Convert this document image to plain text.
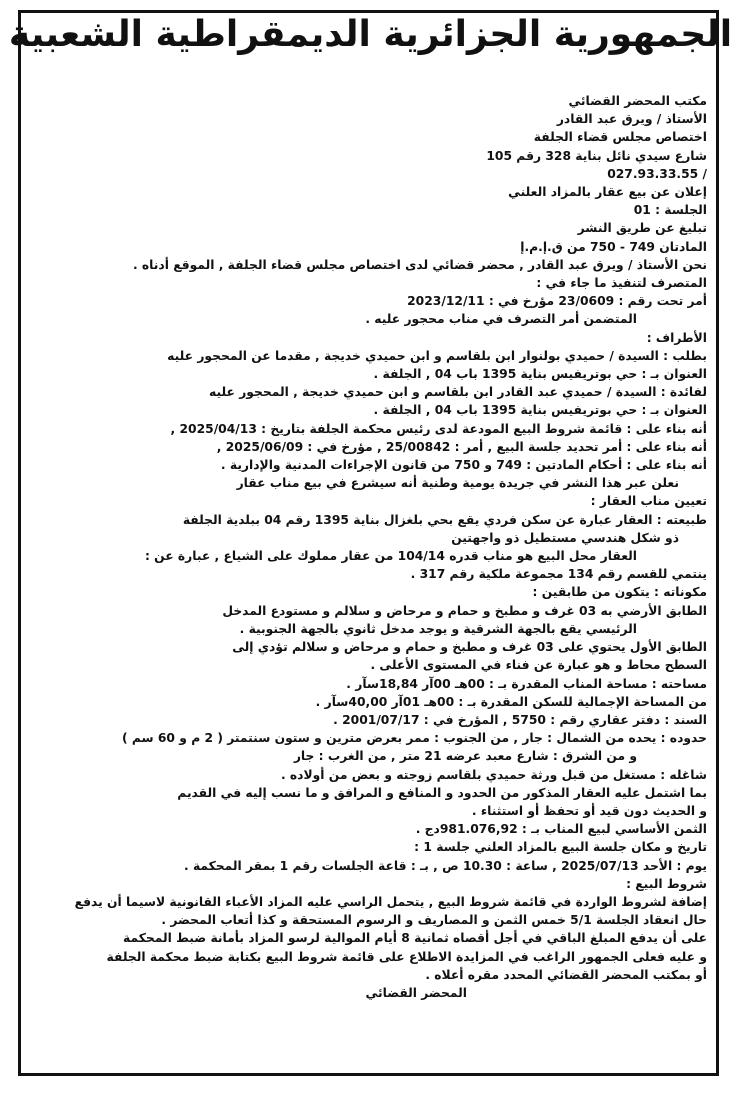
الجمهورية الجزائرية الديمقراطية الشعبية
مكتب المحضر القضائي
الأستاذ / ويرق عبد القادر
اختصاص مجلس قضاء الجلفة
شارع سيدي نائل بناية 328 رقم 105
/ 027.93.33.55
إعلان عن بيع عقار بالمزاد العلني
الجلسة : 01
تبليغ عن طريق النشر
المادتان 749 - 750 من ق.إ.م.إ
نحن الأستاذ / ويرق عبد القادر , محضر قضائي لدى اختصاص مجلس قضاء الجلفة , الموقع أدناه .
المتصرف لتنفيذ ما جاء في :
أمر تحت رقم : 23/0609 مؤرخ في : 2023/12/11
المتضمن أمر التصرف في مناب محجور عليه .
الأطراف :
بطلب : السيدة / حميدي بولنوار ابن بلقاسم و ابن حميدي خديجة , مقدما عن المحجور عليه
العنوان بـ : حي بوتريفيس بناية 1395 باب 04 , الجلفة .
لفائدة : السيدة / حميدي عبد القادر ابن بلقاسم و ابن حميدي خديجة , المحجور عليه
العنوان بـ : حي بوتريفيس بناية 1395 باب 04 , الجلفة .
أنه بناء على : قائمة شروط البيع المودعة لدى رئيس محكمة الجلفة بتاريخ : 2025/04/13 ,
أنه بناء على : أمر تحديد جلسة البيع , أمر : 25/00842 , مؤرخ في : 2025/06/09 ,
أنه بناء على : أحكام المادتين : 749 و 750 من قانون الإجراءات المدنية والإدارية .
نعلن عبر هذا النشر في جريدة يومية وطنية أنه سيشرع في بيع مناب عقار
تعيين مناب العقار :
طبيعته : العقار عبارة عن سكن فردي يقع بحي بلغزال بناية 1395 رقم 04 ببلدية الجلفة
ذو شكل هندسي مستطيل ذو واجهتين
العقار محل البيع هو مناب قدره 104/14 من عقار مملوك على الشياع , عبارة عن :
ينتمي للقسم رقم 134 مجموعة ملكية رقم 317 .
مكوناته : يتكون من طابقين :
الطابق الأرضي به 03 غرف و مطبخ و حمام و مرحاض و سلالم و مستودع المدخل
الرئيسي يقع بالجهة الشرقية و يوجد مدخل ثانوي بالجهة الجنوبية .
الطابق الأول يحتوي على 03 غرف و مطبخ و حمام و مرحاض و سلالم تؤدي إلى
السطح محاط و هو عبارة عن فناء في المستوى الأعلى .
مساحته : مساحة المناب المقدرة بـ : 00هـ 00آر 18,84سآر .
من المساحة الإجمالية للسكن المقدرة بـ : 00هـ 01آر 40,00سآر .
السند : دفتر عقاري رقم : 5750 , المؤرخ في : 2001/07/17 .
حدوده : يحده من الشمال : جار , من الجنوب : ممر بعرض مترين و ستون سنتمتر ( 2 م و 60 سم )
و من الشرق : شارع معبد عرضه 21 متر , من الغرب : جار
شاغله : مستغل من قبل ورثة حميدي بلقاسم زوجته و بعض من أولاده .
بما اشتمل عليه العقار المذكور من الحدود و المنافع و المرافق و ما نسب إليه في القديم
و الحديث دون قيد أو تحفظ أو استثناء .
الثمن الأساسي لبيع المناب بـ : 981.076,92دج .
تاريخ و مكان جلسة البيع بالمزاد العلني جلسة 1 :
يوم : الأحد 2025/07/13 , ساعة : 10.30 ص , بـ : قاعة الجلسات رقم 1 بمقر المحكمة .
شروط البيع :
إضافة لشروط الواردة في قائمة شروط البيع , يتحمل الراسي عليه المزاد الأعباء القانونية لاسيما أن يدفع
حال انعقاد الجلسة 5/1 خمس الثمن و المصاريف و الرسوم المستحقة و كذا أتعاب المحضر .
على أن يدفع المبلغ الباقي في أجل أقصاه ثمانية 8 أيام الموالية لرسو المزاد بأمانة ضبط المحكمة
و عليه فعلى الجمهور الراغب في المزايدة الاطلاع على قائمة شروط البيع بكتابة ضبط محكمة الجلفة
أو بمكتب المحضر القضائي المحدد مقره أعلاه .
المحضر القضائي
